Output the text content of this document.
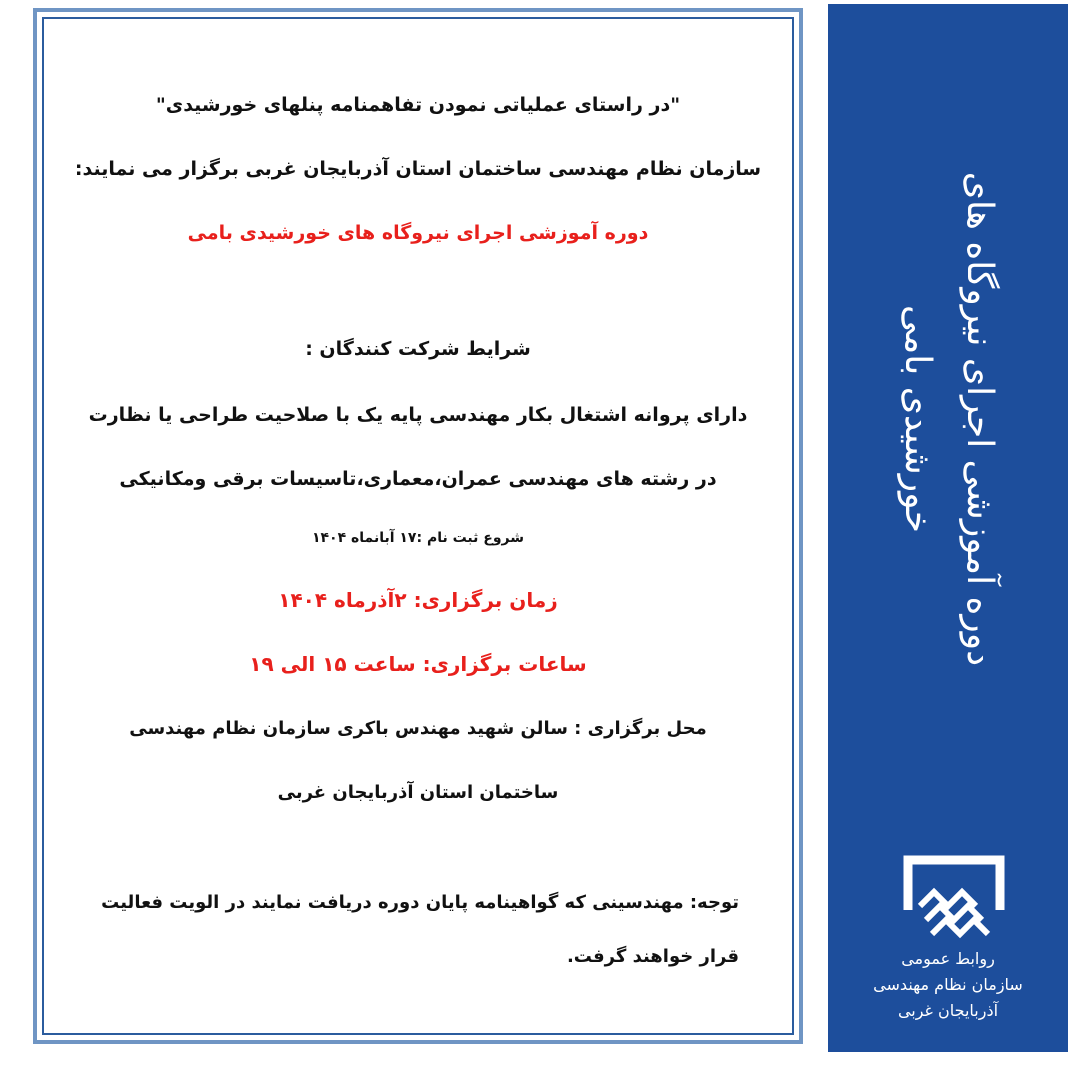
"در راستای عملیاتی نمودن تفاهمنامه پنلهای خورشیدی"
سازمان نظام مهندسی ساختمان استان آذربایجان غربی برگزار می نمایند:
دوره آموزشی اجرای نیروگاه های خورشیدی بامی
شرایط شرکت کنندگان :
دارای پروانه اشتغال بکار مهندسی پایه یک با صلاحیت طراحی یا نظارت
در رشته های مهندسی عمران،معماری،تاسیسات برقی ومکانیکی
شروع ثبت نام :۱۷ آبانماه ۱۴۰۴
زمان برگزاری: ۲آذرماه ۱۴۰۴
ساعات برگزاری: ساعت ۱۵ الی ۱۹
محل برگزاری : سالن شهید مهندس باکری سازمان نظام مهندسی
ساختمان استان آذربایجان غربی
توجه: مهندسینی که گواهینامه پایان دوره دریافت نمایند در الویت فعالیت
قرار خواهند گرفت.
دوره آموزشی اجرای نیروگاه های
خورشیدی بامی
روابط عمومی
سازمان نظام مهندسی
آذربایجان غربی
